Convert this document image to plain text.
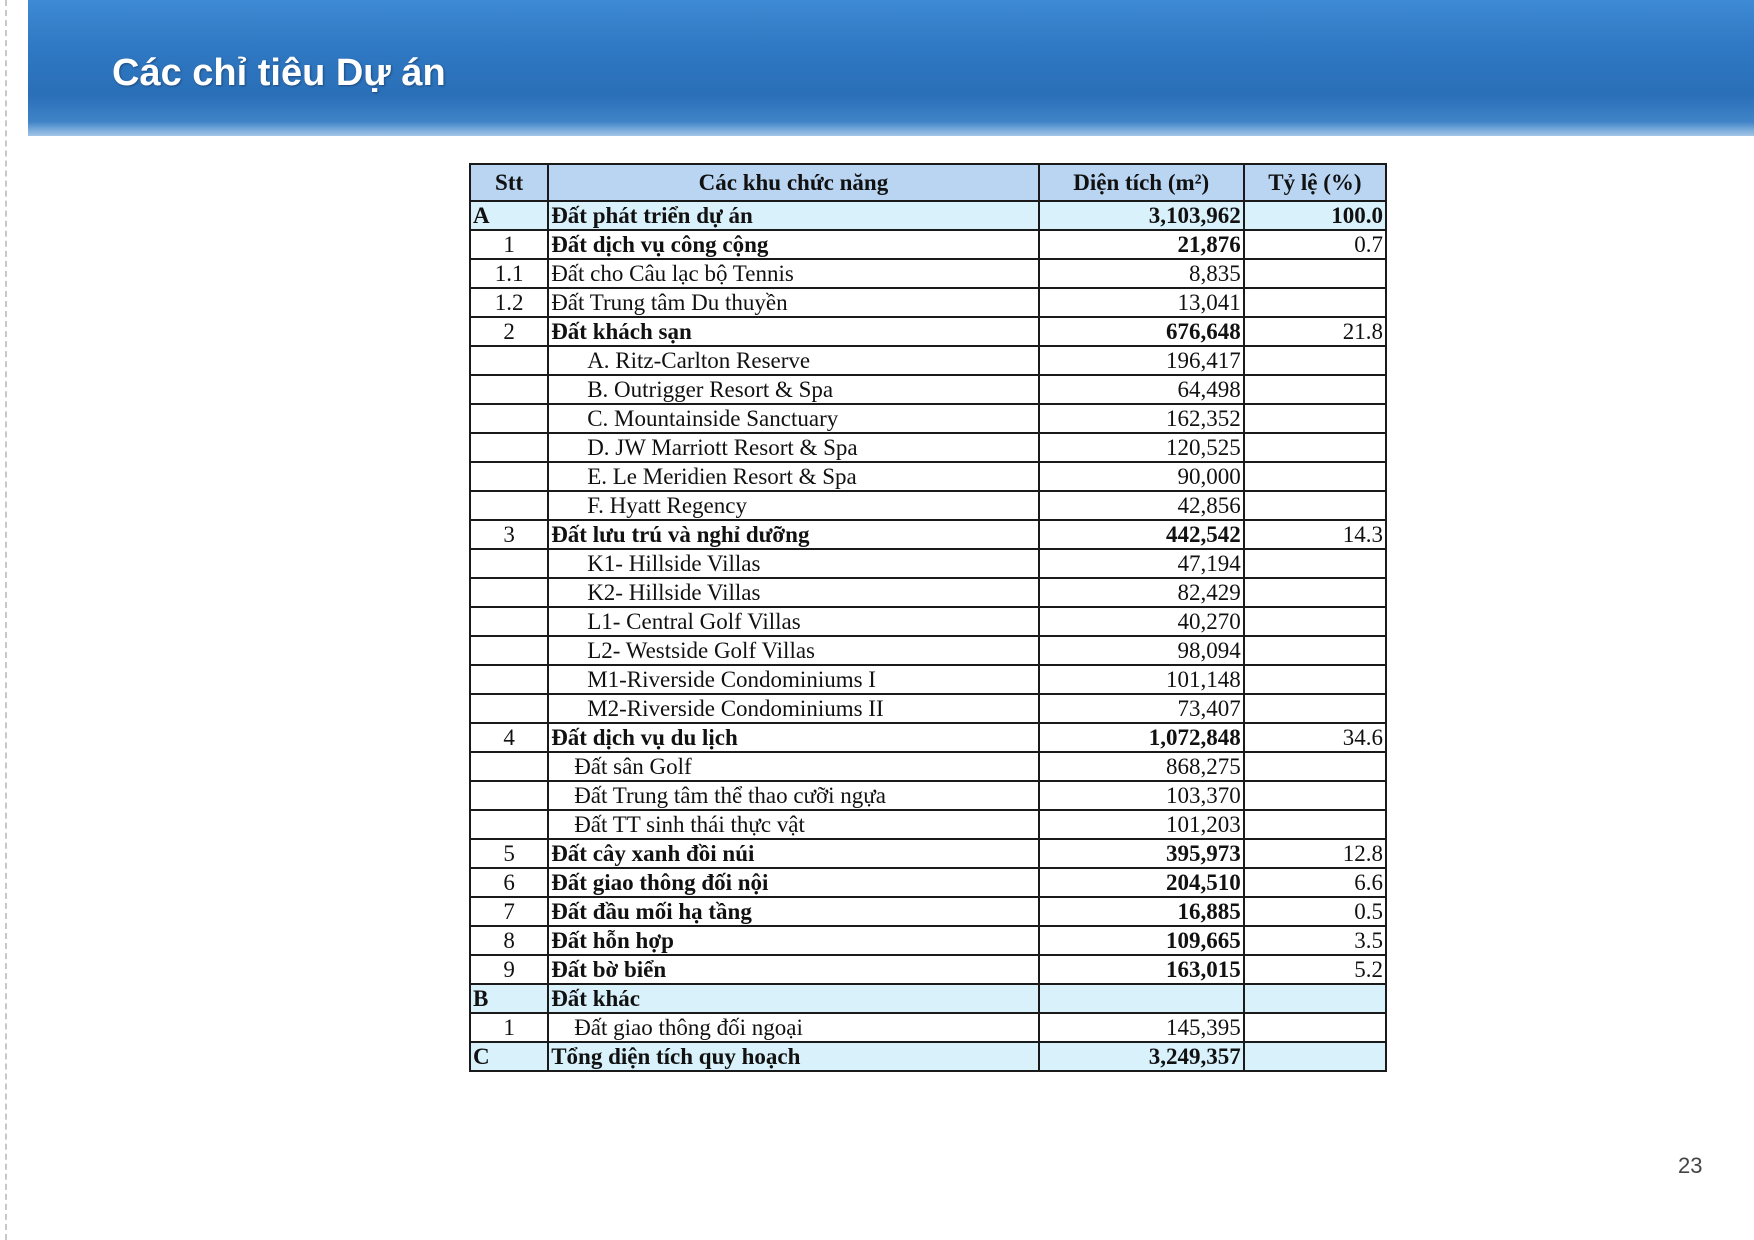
Các chỉ tiêu Dự án
Stt	Các khu chức năng	Diện tích (m²)	Tỷ lệ (%)
A	Đất phát triển dự án	3,103,962	100.0
1	Đất dịch vụ công cộng	21,876	0.7
1.1	Đất cho Câu lạc bộ Tennis	8,835	
1.2	Đất Trung tâm Du thuyền	13,041	
2	Đất khách sạn	676,648	21.8
	A. Ritz-Carlton Reserve	196,417	
	B. Outrigger Resort & Spa	64,498	
	C. Mountainside Sanctuary	162,352	
	D. JW Marriott Resort & Spa	120,525	
	E. Le Meridien Resort & Spa	90,000	
	F. Hyatt Regency	42,856	
3	Đất lưu trú và nghỉ dưỡng	442,542	14.3
	K1- Hillside Villas	47,194	
	K2- Hillside Villas	82,429	
	L1- Central Golf Villas	40,270	
	L2- Westside Golf Villas	98,094	
	M1-Riverside Condominiums I	101,148	
	M2-Riverside Condominiums II	73,407	
4	Đất dịch vụ du lịch	1,072,848	34.6
	Đất sân Golf	868,275	
	Đất Trung tâm thể thao cưỡi ngựa	103,370	
	Đất TT sinh thái thực vật	101,203	
5	Đất cây xanh đồi núi	395,973	12.8
6	Đất giao thông đối nội	204,510	6.6
7	Đất đầu mối hạ tầng	16,885	0.5
8	Đất hỗn hợp	109,665	3.5
9	Đất bờ biển	163,015	5.2
B	Đất khác		
1	Đất giao thông đối ngoại	145,395	
C	Tổng diện tích quy hoạch	3,249,357	
23
